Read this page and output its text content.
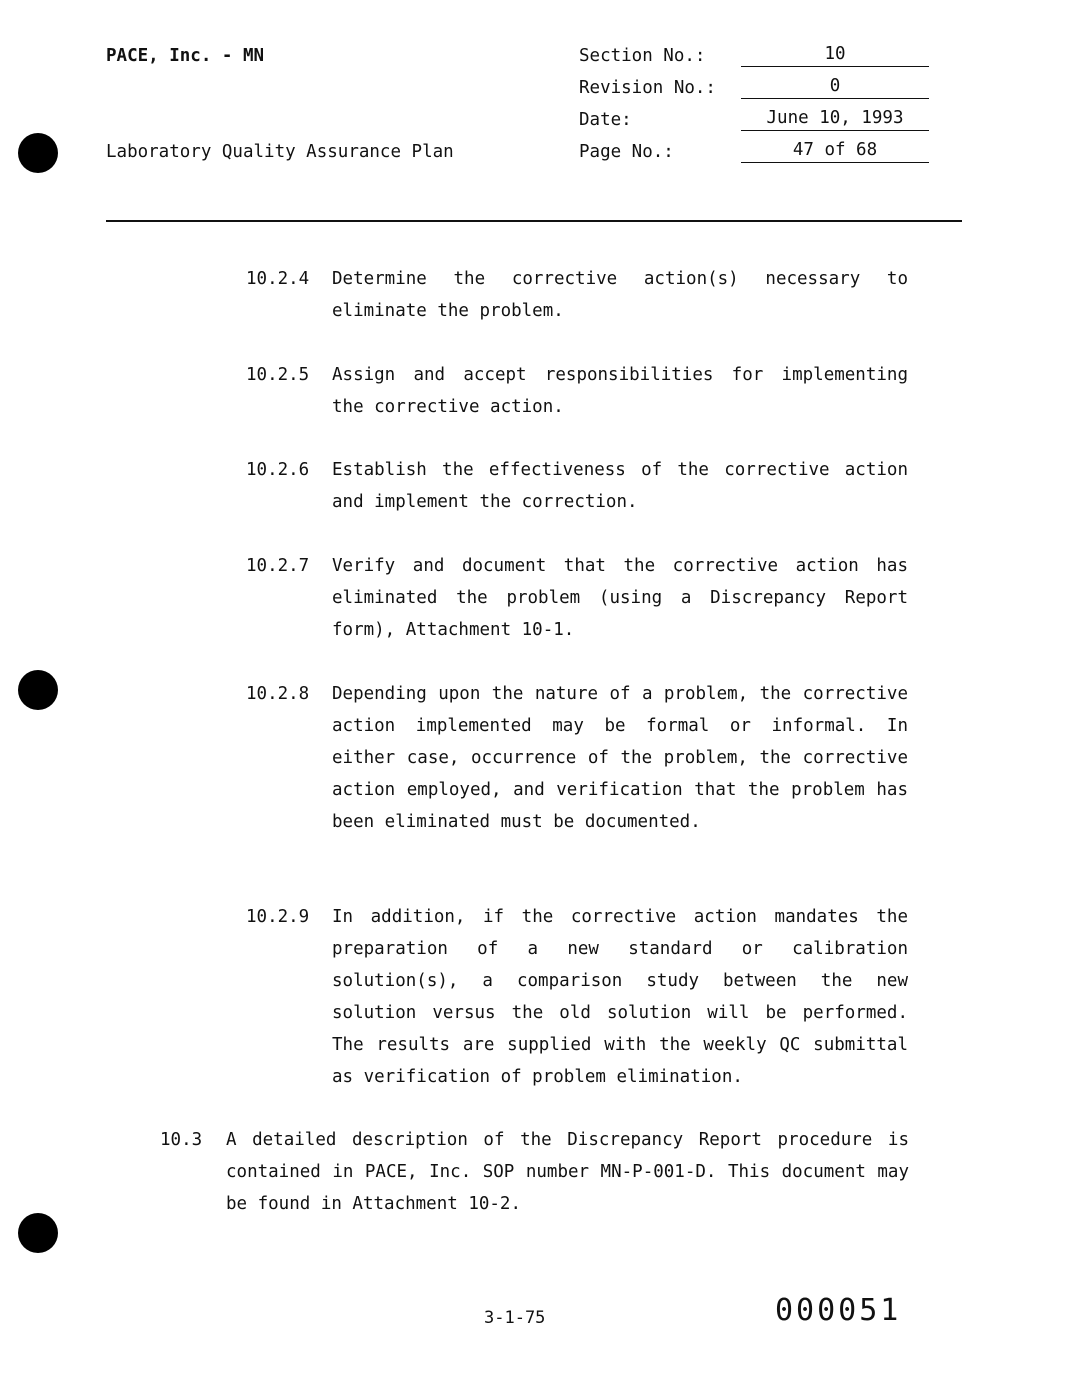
PACE, Inc. - MN
Laboratory Quality Assurance Plan
Section No.:	10
Revision No.:	0
Date:	June 10, 1993
Page No.:	47 of 68
10.2.4 Determine the corrective action(s) necessary to eliminate the problem.
10.2.5 Assign and accept responsibilities for implementing the corrective action.
10.2.6 Establish the effectiveness of the corrective action and implement the correction.
10.2.7 Verify and document that the corrective action has eliminated the problem (using a Discrepancy Report form), Attachment 10-1.
10.2.8 Depending upon the nature of a problem, the corrective action implemented may be formal or informal. In either case, occurrence of the problem, the corrective action employed, and verification that the problem has been eliminated must be documented.
10.2.9 In addition, if the corrective action mandates the preparation of a new standard or calibration solution(s), a comparison study between the new solution versus the old solution will be performed. The results are supplied with the weekly QC submittal as verification of problem elimination.
10.3 A detailed description of the Discrepancy Report procedure is contained in PACE, Inc. SOP number MN-P-001-D. This document may be found in Attachment 10-2.
3-1-75	000051
